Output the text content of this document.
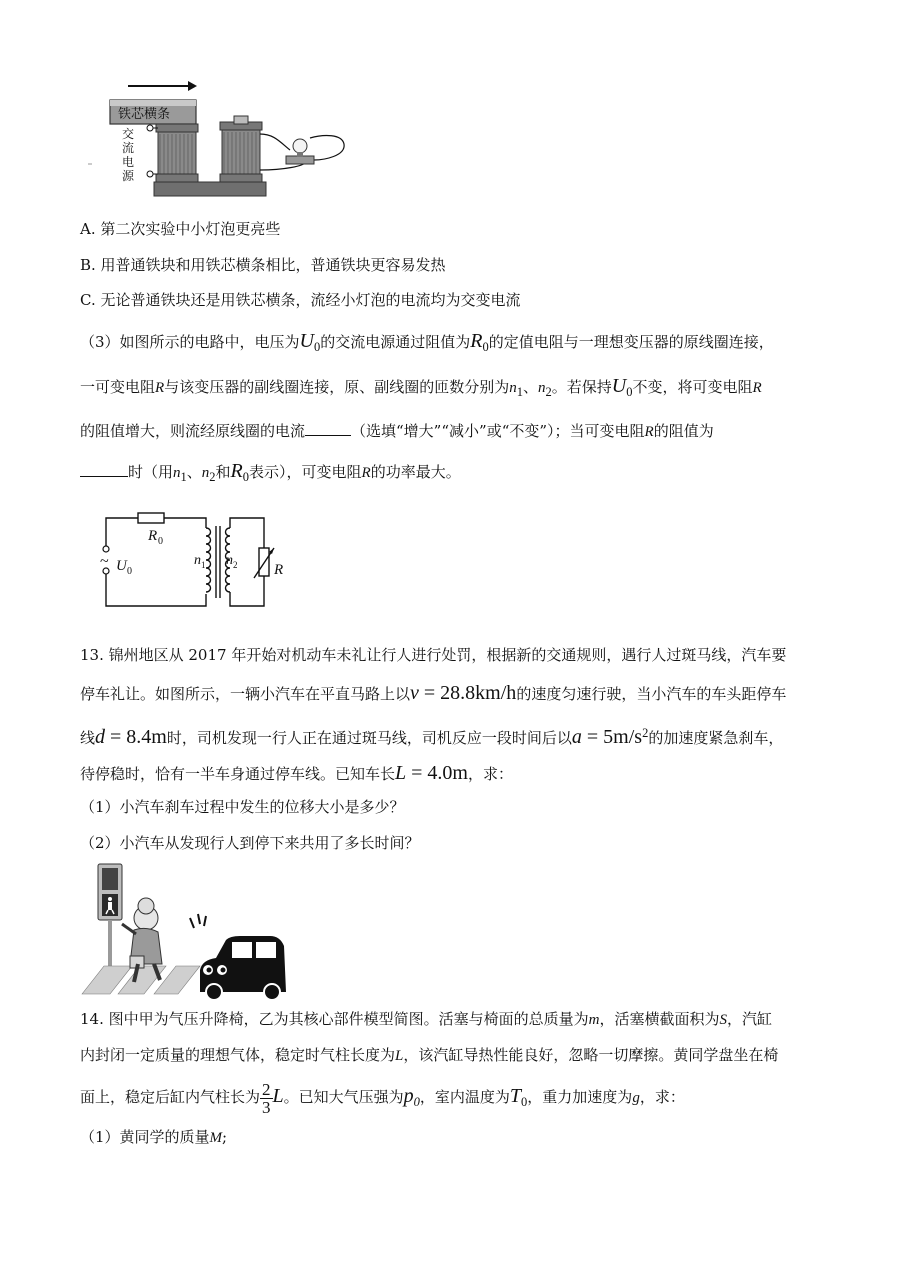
铁芯横条
交
流
电
源
A. 第二次实验中小灯泡更亮些
B. 用普通铁块和用铁芯横条相比，普通铁块更容易发热
C. 无论普通铁块还是用铁芯横条，流经小灯泡的电流均为交变电流
（3）如图所示的电路中，电压为$U_0$的交流电源通过阻值为$R_0$的定值电阻与一理想变压器的原线圈连接，
一可变电阻R与该变压器的副线圈连接，原、副线圈的匝数分别为$n_1$、$n_2$。若保持$U_0$不变，将可变电阻R
的阻值增大，则流经原线圈的电流	（选填“增大”“减小”或“不变”）；当可变电阻R的阻值为
时（用$n_1$、$n_2$和$R_0$表示），可变电阻R的功率最大。
~ U 0
R 0
n 1 n 2 R
13. 锦州地区从 2017 年开始对机动车未礼让行人进行处罚，根据新的交通规则，遇行人过斑马线，汽车要
停车礼让。如图所示，一辆小汽车在平直马路上以v = 28.8km/h的速度匀速行驶，当小汽车的车头距停车
线d = 8.4m时，司机发现一行人正在通过斑马线，司机反应一段时间后以$a = 5m/s^2$的加速度紧急刹车，
待停稳时，恰有一半车身通过停车线。已知车长L = 4.0m，求：
（1）小汽车刹车过程中发生的位移大小是多少？
（2）小汽车从发现行人到停下来共用了多长时间？
14. 图中甲为气压升降椅，乙为其核心部件模型简图。活塞与椅面的总质量为m，活塞横截面积为S，汽缸
内封闭一定质量的理想气体，稳定时气柱长度为L，该汽缸导热性能良好，忽略一切摩擦。黄同学盘坐在椅
面上，稳定后缸内气柱长为 $\frac{2}{3}$ L。已知大气压强为$p_0$，室内温度为$T_0$，重力加速度为g，求：
（1）黄同学的质量M;
